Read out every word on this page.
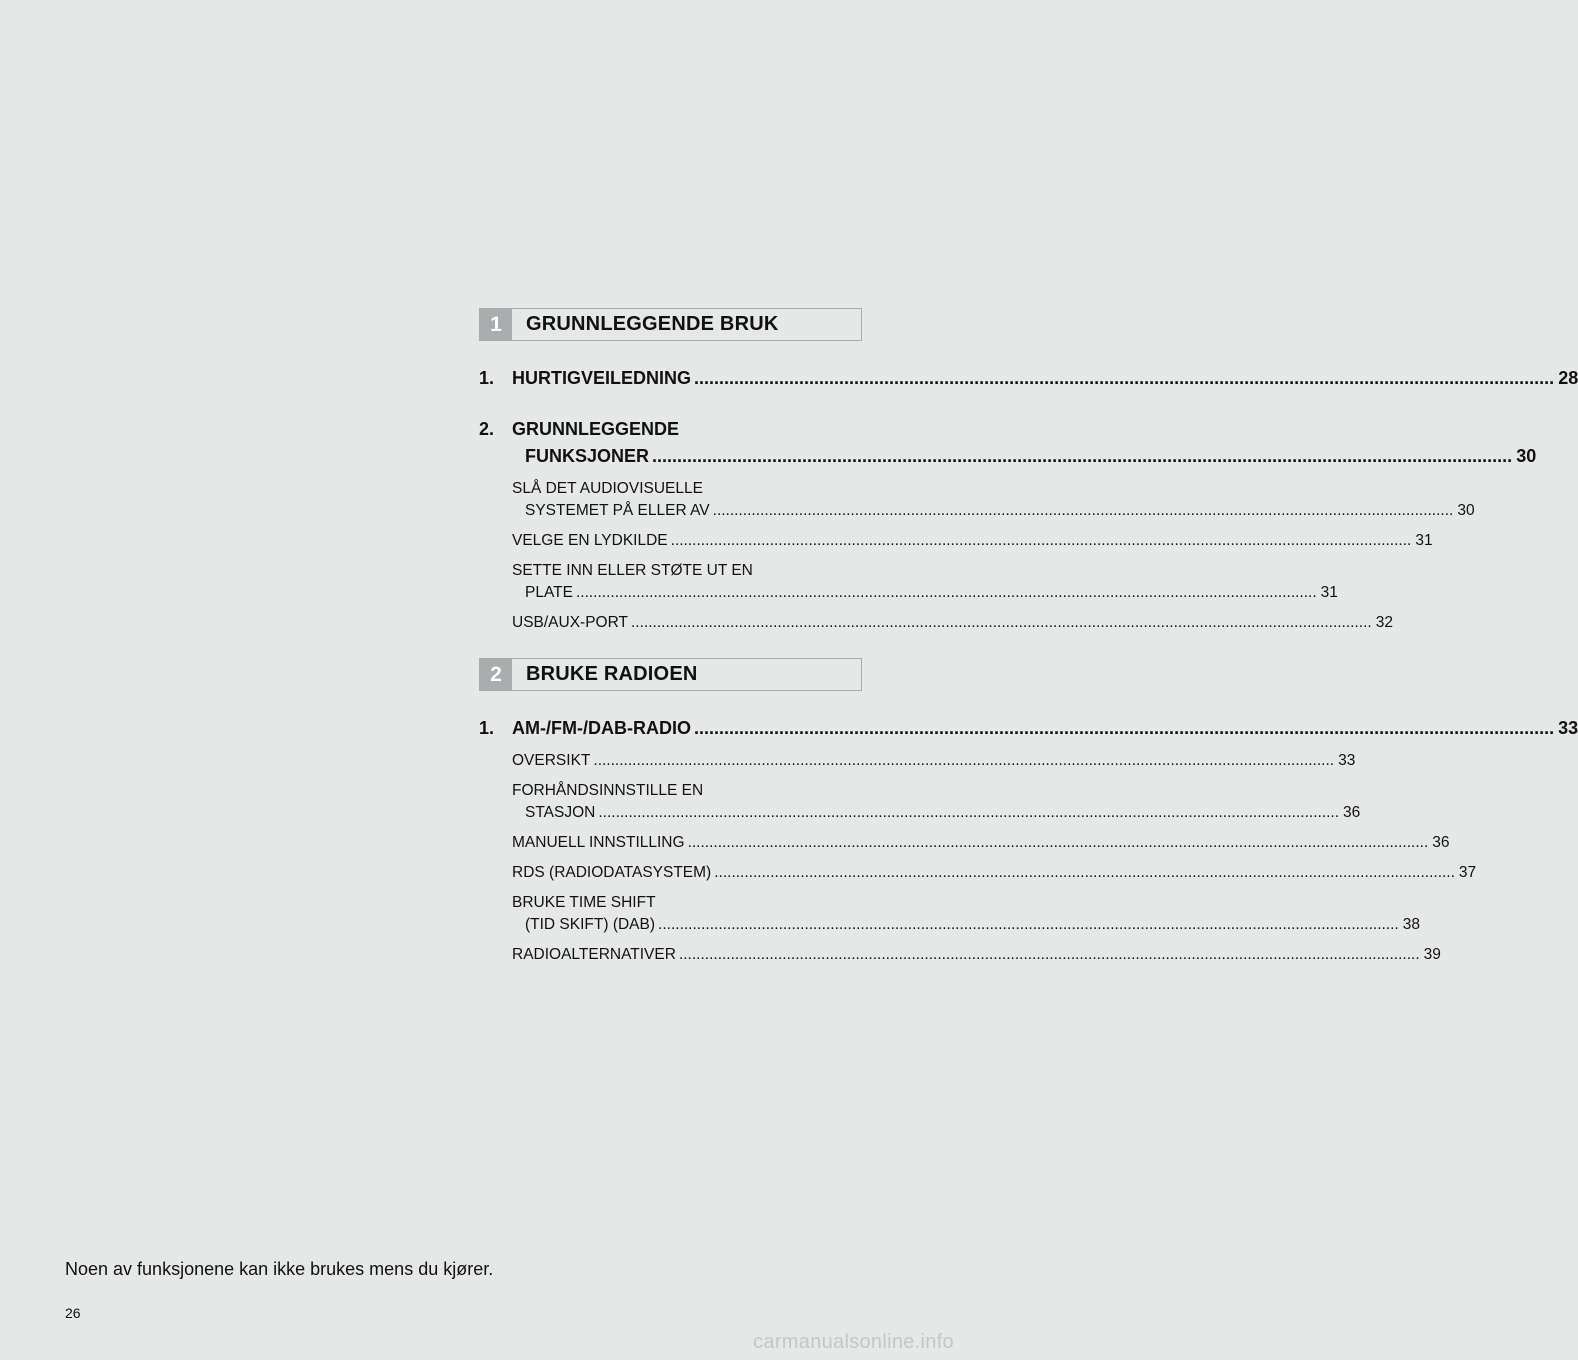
1	GRUNNLEGGENDE BRUK
1. HURTIGVEILEDNING .....	28
2. GRUNNLEGGENDE
FUNKSJONER .....	30
SLÅ DET AUDIOVISUELLE
SYSTEMET PÅ ELLER AV .....	30
VELGE EN LYDKILDE .....	31
SETTE INN ELLER STØTE UT EN
PLATE .....	31
USB/AUX-PORT .....	32
2	BRUKE RADIOEN
1. AM-/FM-/DAB-RADIO .....	33
OVERSIKT .....	33
FORHÅNDSINNSTILLE EN
STASJON .....	36
MANUELL INNSTILLING .....	36
RDS (RADIODATASYSTEM) .....	37
BRUKE TIME SHIFT
(TID SKIFT) (DAB) .....	38
RADIOALTERNATIVER .....	39
Noen av funksjonene kan ikke brukes mens du kjører.
26
carmanualsonline.info
